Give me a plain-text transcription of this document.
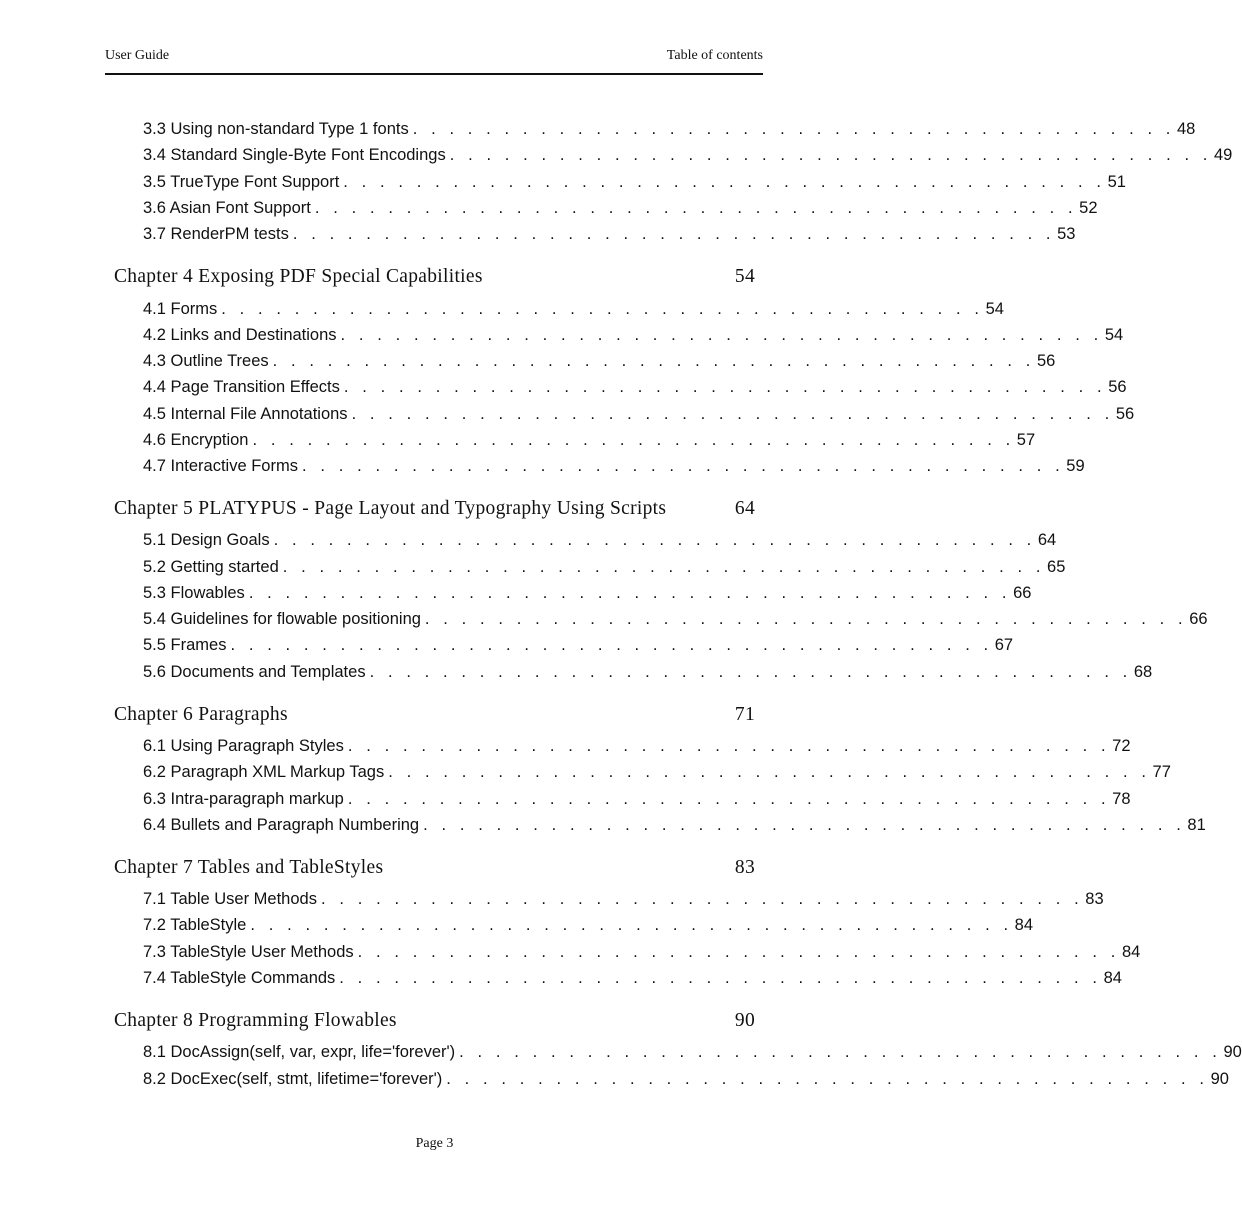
User Guide	Table of contents
3.3 Using non-standard Type 1 fonts . . . . . . . . . . . . . . . . . . . . . . . . . . . . . . . . . . . . . . . . . . 48
3.4 Standard Single-Byte Font Encodings . . . . . . . . . . . . . . . . . . . . . . . . . . . . . . . . . . . . . . . . . . 49
3.5 TrueType Font Support . . . . . . . . . . . . . . . . . . . . . . . . . . . . . . . . . . . . . . . . . . 51
3.6 Asian Font Support . . . . . . . . . . . . . . . . . . . . . . . . . . . . . . . . . . . . . . . . . . 52
3.7 RenderPM tests . . . . . . . . . . . . . . . . . . . . . . . . . . . . . . . . . . . . . . . . . . 53
Chapter 4 Exposing PDF Special Capabilities	54
4.1 Forms . . . . . . . . . . . . . . . . . . . . . . . . . . . . . . . . . . . . . . . . . . 54
4.2 Links and Destinations . . . . . . . . . . . . . . . . . . . . . . . . . . . . . . . . . . . . . . . . . . 54
4.3 Outline Trees . . . . . . . . . . . . . . . . . . . . . . . . . . . . . . . . . . . . . . . . . . 56
4.4 Page Transition Effects . . . . . . . . . . . . . . . . . . . . . . . . . . . . . . . . . . . . . . . . . . 56
4.5 Internal File Annotations . . . . . . . . . . . . . . . . . . . . . . . . . . . . . . . . . . . . . . . . . . 56
4.6 Encryption . . . . . . . . . . . . . . . . . . . . . . . . . . . . . . . . . . . . . . . . . . 57
4.7 Interactive Forms . . . . . . . . . . . . . . . . . . . . . . . . . . . . . . . . . . . . . . . . . . 59
Chapter 5 PLATYPUS - Page Layout and Typography Using Scripts	64
5.1 Design Goals . . . . . . . . . . . . . . . . . . . . . . . . . . . . . . . . . . . . . . . . . . 64
5.2 Getting started . . . . . . . . . . . . . . . . . . . . . . . . . . . . . . . . . . . . . . . . . . 65
5.3 Flowables . . . . . . . . . . . . . . . . . . . . . . . . . . . . . . . . . . . . . . . . . . 66
5.4 Guidelines for flowable positioning . . . . . . . . . . . . . . . . . . . . . . . . . . . . . . . . . . . . . . . . . . 66
5.5 Frames . . . . . . . . . . . . . . . . . . . . . . . . . . . . . . . . . . . . . . . . . . 67
5.6 Documents and Templates . . . . . . . . . . . . . . . . . . . . . . . . . . . . . . . . . . . . . . . . . . 68
Chapter 6 Paragraphs	71
6.1 Using Paragraph Styles . . . . . . . . . . . . . . . . . . . . . . . . . . . . . . . . . . . . . . . . . . 72
6.2 Paragraph XML Markup Tags . . . . . . . . . . . . . . . . . . . . . . . . . . . . . . . . . . . . . . . . . . 77
6.3 Intra-paragraph markup . . . . . . . . . . . . . . . . . . . . . . . . . . . . . . . . . . . . . . . . . . 78
6.4 Bullets and Paragraph Numbering . . . . . . . . . . . . . . . . . . . . . . . . . . . . . . . . . . . . . . . . . . 81
Chapter 7 Tables and TableStyles	83
7.1 Table User Methods . . . . . . . . . . . . . . . . . . . . . . . . . . . . . . . . . . . . . . . . . . 83
7.2 TableStyle . . . . . . . . . . . . . . . . . . . . . . . . . . . . . . . . . . . . . . . . . . 84
7.3 TableStyle User Methods . . . . . . . . . . . . . . . . . . . . . . . . . . . . . . . . . . . . . . . . . . 84
7.4 TableStyle Commands . . . . . . . . . . . . . . . . . . . . . . . . . . . . . . . . . . . . . . . . . . 84
Chapter 8 Programming Flowables	90
8.1 DocAssign(self, var, expr, life='forever') . . . . . . . . . . . . . . . . . . . . . . . . . . . . . . . . . . . . . . . . . . 90
8.2 DocExec(self, stmt, lifetime='forever') . . . . . . . . . . . . . . . . . . . . . . . . . . . . . . . . . . . . . . . . . . 90
Page 3
